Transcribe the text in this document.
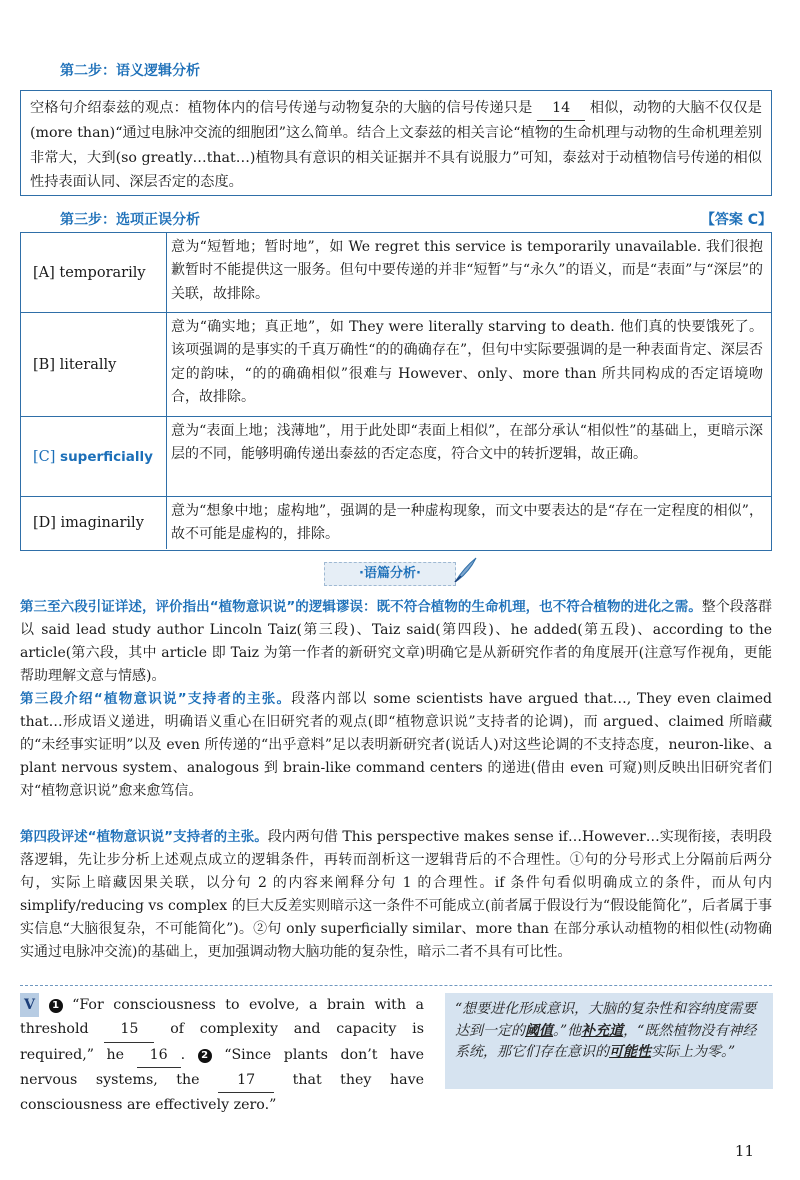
第二步：语义逻辑分析
空格句介绍泰兹的观点：植物体内的信号传递与动物复杂的大脑的信号传递只是 14 相似，动物的大脑不仅仅是(more than)“通过电脉冲交流的细胞团”这么简单。结合上文泰兹的相关言论“植物的生命机理与动物的生命机理差别非常大，大到(so greatly…that…)植物具有意识的相关证据并不具有说服力”可知，泰兹对于动植物信号传递的相似性持表面认同、深层否定的态度。
第三步：选项正误分析	【答案 C】
[A] temporarily
意为“短暂地；暂时地”，如 We regret this service is temporarily unavailable. 我们很抱歉暂时不能提供这一服务。但句中要传递的并非“短暂”与“永久”的语义，而是“表面”与“深层”的关联，故排除。
[B] literally
意为“确实地；真正地”，如 They were literally starving to death. 他们真的快要饿死了。该项强调的是事实的千真万确性“的的确确存在”，但句中实际要强调的是一种表面肯定、深层否定的韵味，“的的确确相似”很难与 However、only、more than 所共同构成的否定语境吻合，故排除。
[C]
superficially
意为“表面上地；浅薄地”，用于此处即“表面上相似”，在部分承认“相似性”的基础上，更暗示深层的不同，能够明确传递出泰兹的否定态度，符合文中的转折逻辑，故正确。
[D] imaginarily
意为“想象中地；虚构地”，强调的是一种虚构现象，而文中要表达的是“存在一定程度的相似”，故不可能是虚构的，排除。
·语篇分析·
第三至六段引证详述，评价指出“植物意识说”的逻辑谬误：既不符合植物的生命机理，也不符合植物的进化之需。整个段落群以 said lead study author Lincoln Taiz(第三段)、Taiz said(第四段)、he added(第五段)、according to the article(第六段，其中 article 即 Taiz 为第一作者的新研究文章)明确它是从新研究作者的角度展开(注意写作视角，更能帮助理解文意与情感)。
第三段介绍“植物意识说”支持者的主张。段落内部以 some scientists have argued that…, They even claimed that…形成语义递进，明确语义重心在旧研究者的观点(即“植物意识说”支持者的论调)，而 argued、claimed 所暗藏的“未经事实证明”以及 even 所传递的“出乎意料”足以表明新研究者(说话人)对这些论调的不支持态度，neuron-like、a plant nervous system、analogous 到 brain-like command centers 的递进(借由 even 可窥)则反映出旧研究者们对“植物意识说”愈来愈笃信。
第四段评述“植物意识说”支持者的主张。段内两句借 This perspective makes sense if…However…实现衔接，表明段落逻辑，先让步分析上述观点成立的逻辑条件，再转而剖析这一逻辑背后的不合理性。①句的分号形式上分隔前后两分句，实际上暗藏因果关联，以分句 2 的内容来阐释分句 1 的合理性。if 条件句看似明确成立的条件，而从句内 simplify/reducing vs complex 的巨大反差实则暗示这一条件不可能成立(前者属于假设行为“假设能简化”，后者属于事实信息“大脑很复杂，不可能简化”)。②句 only superficially similar、more than 在部分承认动植物的相似性(动物确实通过电脉冲交流)的基础上，更加强调动物大脑功能的复杂性，暗示二者不具有可比性。
V 1 “For consciousness to evolve, a brain with a threshold 15 of complexity and capacity is required,” he 16 . 2 “Since plants don’t have nervous systems, the	17	that they have consciousness are effectively zero.”
“想要进化形成意识，大脑的复杂性和容纳度需要达到一定的阈值。”他补充道，“既然植物没有神经系统，那它们存在意识的可能性实际上为零。”
11
